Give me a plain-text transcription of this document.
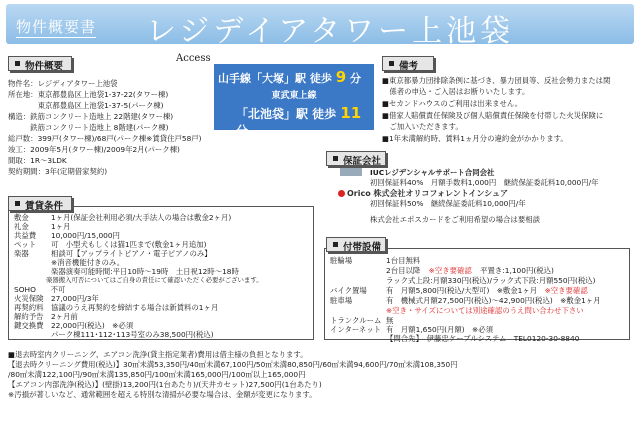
物件概要書 レジデイアタワー上池袋
物件概要
物件名：レジディアタワー上池袋
所在地：東京都豊島区上池袋1-37-22(タワー棟)
　　　　東京都豊島区上池袋1-37-5(パーク棟)
構造：鉄筋コンクリート造地上 22階建(タワー棟)
　　　鉄筋コンクリート造地上 8階建(パーク棟)
総戸数：399戸(タワー棟)/68戸(パーク棟※賃貸住戸58戸)
竣工：2009年5月(タワー棟)/2009年2月(パーク棟)
間取：1R～3LDK
契約期間：3年(定期借家契約)
Access
山手線「大塚」駅 徒歩 9 分
東武東上線
「北池袋」駅 徒歩 11 分
備考
■東京都暴力団排除条例に基づき、暴力団員等、反社会勢力または関
　係者の申込・ご入居はお断りいたします。
■セカンドハウスのご利用は出来ません。
■借家人賠償責任保険及び個人賠償責任保険を付帯した火災保険に
　ご加入いただきます。
■1年未満解約時、賃料1ヵ月分の違約金がかかります。
保証会社
IUCレジデンシャルサポート合同会社
初回保証料40%　月額手数料1,000円　継続保証委託料10,000円/年
Orico 株式会社オリコフォレントインシュア
初回保証料50%　継続保証委託料10,000円/年
株式会社エポスカードをご利用希望の場合は要相談
賃貸条件
敷金　　　1ヶ月(保証会社利用必須/大手法人の場合は敷金2ヶ月)
礼金　　　1ヶ月
共益費　　10,000円/15,000円
ペット　　可　小型犬もしくは猫1匹まで(敷金1ヶ月追加)
楽器　　　相談可【アップライトピアノ・電子ピアノのみ】
　　　　　※消音機能付きのみ。
　　　　　楽器演奏可能時間:平日10時～19時　土日祝12時～18時
　　　　　楽器搬入可否についてはご自身の責任にて確認いただく必要がございます。
SOHO　　不可
火災保険　27,000円/3年
再契約料　協議のうえ再契約を締結する場合は新賃料の1ヶ月
解約予告　2ヶ月前
鍵交換費　22,000円(税込)　※必須
　　　　　パーク棟111･112･113号室のみ38,500円(税込)
付帯設備
駐輪場	1台目無料
2台目以降 ※空き要確認 平置き:1,100円(税込)
ラック式上段:月額330円(税込)/ラック式下段:月額550円(税込)
バイク置場	有　月額5,800円(税込/大型可)　※敷金1ヶ月　※空き要確認
駐車場	有　機械式月額27,500円(税込)～42,900円(税込)　※敷金1ヶ月
※空き・サイズについては別途確認のうえ問い合わせ下さい
トランクルーム 無
インターネット 有　月額1,650円(月額)　※必須
【問合先】　伊藤忠ケーブルシステム　TEL0120-30-8840
■退去時室内クリーニング、エアコン洗浄(貸主指定業者)費用は借主様の負担となります。
【退去時クリーニング費用(税込)】30㎡未満53,350円/40㎡未満67,100円/50㎡未満80,850円/60㎡未満94,600円/70㎡未満108,350円
/80㎡未満122,100円/90㎡未満135,850円/100㎡未満165,000円/100㎡以上165,000円
【エアコン内部洗浄(税込)】(壁掛)13,200円(1台あたり)/(天井カセット)27,500円(1台あたり)
※汚損が著しいなど、通常範囲を超える特別な清掃が必要な場合は、金額が変更になります。
